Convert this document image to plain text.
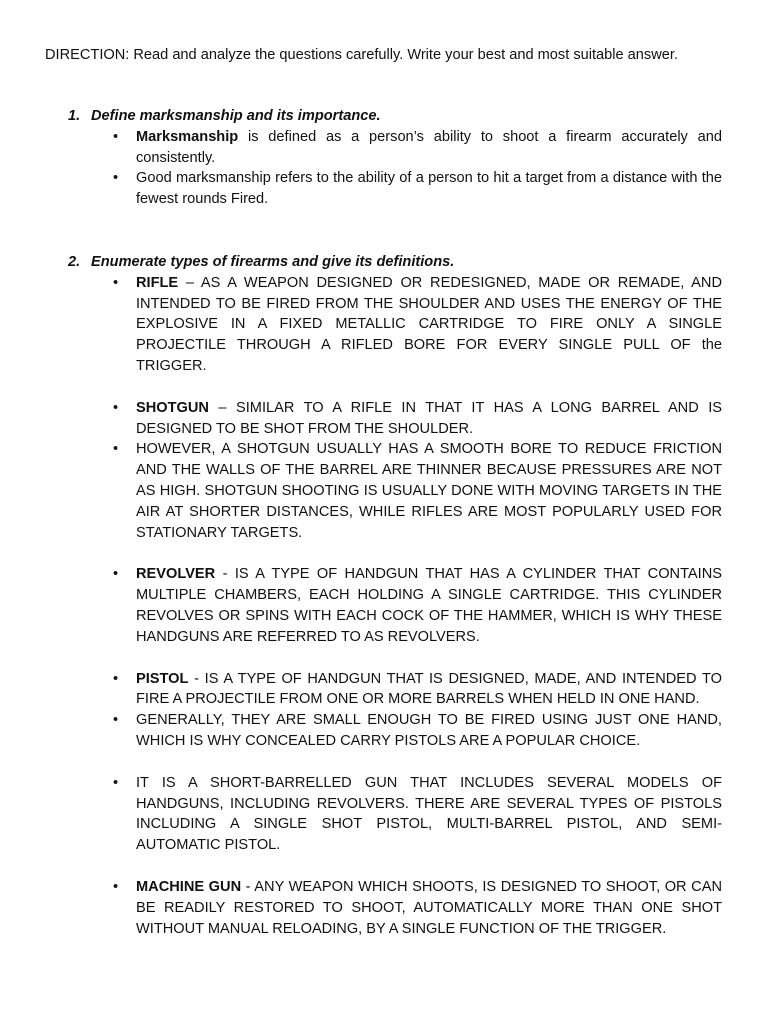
DIRECTION: Read and analyze the questions carefully. Write your best and most suitable answer.
1. Define marksmanship and its importance.
• Marksmanship is defined as a person’s ability to shoot a firearm accurately and consistently.
• Good marksmanship refers to the ability of a person to hit a target from a distance with the fewest rounds Fired.
2. Enumerate types of firearms and give its definitions.
• RIFLE – AS A WEAPON DESIGNED OR REDESIGNED, MADE OR REMADE, AND INTENDED TO BE FIRED FROM THE SHOULDER AND USES THE ENERGY OF THE EXPLOSIVE IN A FIXED METALLIC CARTRIDGE TO FIRE ONLY A SINGLE PROJECTILE THROUGH A RIFLED BORE FOR EVERY SINGLE PULL OF the TRIGGER.
• SHOTGUN – SIMILAR TO A RIFLE IN THAT IT HAS A LONG BARREL AND IS DESIGNED TO BE SHOT FROM THE SHOULDER.
• HOWEVER, A SHOTGUN USUALLY HAS A SMOOTH BORE TO REDUCE FRICTION AND THE WALLS OF THE BARREL ARE THINNER BECAUSE PRESSURES ARE NOT AS HIGH. SHOTGUN SHOOTING IS USUALLY DONE WITH MOVING TARGETS IN THE AIR AT SHORTER DISTANCES, WHILE RIFLES ARE MOST POPULARLY USED FOR STATIONARY TARGETS.
• REVOLVER - IS A TYPE OF HANDGUN THAT HAS A CYLINDER THAT CONTAINS MULTIPLE CHAMBERS, EACH HOLDING A SINGLE CARTRIDGE. THIS CYLINDER REVOLVES OR SPINS WITH EACH COCK OF THE HAMMER, WHICH IS WHY THESE HANDGUNS ARE REFERRED TO AS REVOLVERS.
• PISTOL - IS A TYPE OF HANDGUN THAT IS DESIGNED, MADE, AND INTENDED TO FIRE A PROJECTILE FROM ONE OR MORE BARRELS WHEN HELD IN ONE HAND.
• GENERALLY, THEY ARE SMALL ENOUGH TO BE FIRED USING JUST ONE HAND, WHICH IS WHY CONCEALED CARRY PISTOLS ARE A POPULAR CHOICE.
• IT IS A SHORT-BARRELLED GUN THAT INCLUDES SEVERAL MODELS OF HANDGUNS, INCLUDING REVOLVERS. THERE ARE SEVERAL TYPES OF PISTOLS INCLUDING A SINGLE SHOT PISTOL, MULTI-BARREL PISTOL, AND SEMI-AUTOMATIC PISTOL.
• MACHINE GUN - ANY WEAPON WHICH SHOOTS, IS DESIGNED TO SHOOT, OR CAN BE READILY RESTORED TO SHOOT, AUTOMATICALLY MORE THAN ONE SHOT WITHOUT MANUAL RELOADING, BY A SINGLE FUNCTION OF THE TRIGGER.
